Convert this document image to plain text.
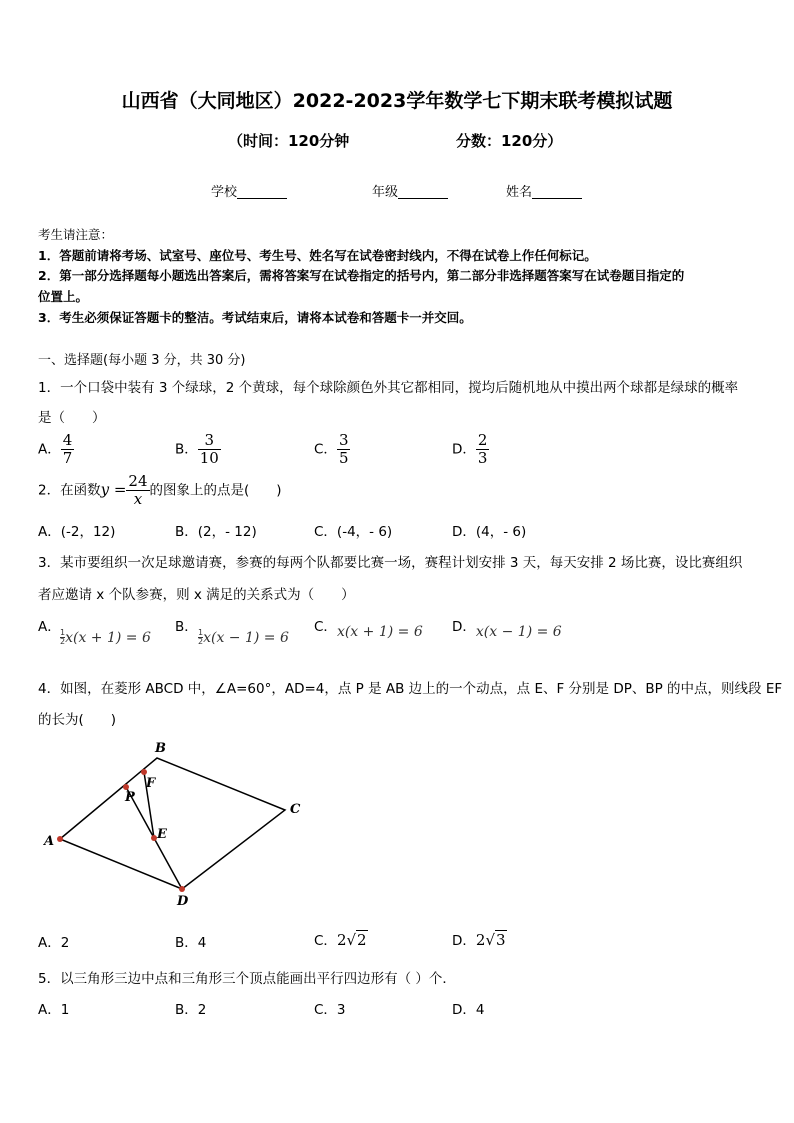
山西省（大同地区）2022-2023学年数学七下期末联考模拟试题
（时间：120分钟	分数：120分）
学校	年级	姓名
考生请注意：
1．答题前请将考场、试室号、座位号、考生号、姓名写在试卷密封线内，不得在试卷上作任何标记。
2．第一部分选择题每小题选出答案后，需将答案写在试卷指定的括号内，第二部分非选择题答案写在试卷题目指定的
位置上。
3．考生必须保证答题卡的整洁。考试结束后，请将本试卷和答题卡一并交回。
一、选择题(每小题 3 分，共 30 分)
1．一个口袋中装有 3 个绿球，2 个黄球，每个球除颜色外其它都相同，搅均后随机地从中摸出两个球都是绿球的概率
是（　　）
A． $\frac{4}{7}$	B． $\frac{3}{10}$	C． $\frac{3}{5}$	D． $\frac{2}{3}$
2．在函数$y = \frac{24}{x}$ 的图象上的点是(　　)
A．(-2，12)	B．(2，- 12)	C．(-4，- 6)	D．(4，- 6)
3．某市要组织一次足球邀请赛，参赛的每两个队都要比赛一场，赛程计划安排 3 天，每天安排 2 场比赛，设比赛组织
者应邀请 x 个队参赛，则 x 满足的关系式为（　　）
A．
$\frac{1}{2} x(x + 1) = 6$
B．
$\frac{1}{2} x(x - 1) = 6$
C．x(x + 1) = 6 D．x(x − 1) = 6
4．如图，在菱形 ABCD 中，∠A=60°，AD=4，点 P 是 AB 边上的一个动点，点 E、F 分别是 DP、BP 的中点，则线段 EF
的长为(　　)
A
B
C
D
P
F
E
A．2	B．4	C．2√2	D．2√3
5．以三角形三边中点和三角形三个顶点能画出平行四边形有（ ）个．
A．1	B．2	C．3	D．4
